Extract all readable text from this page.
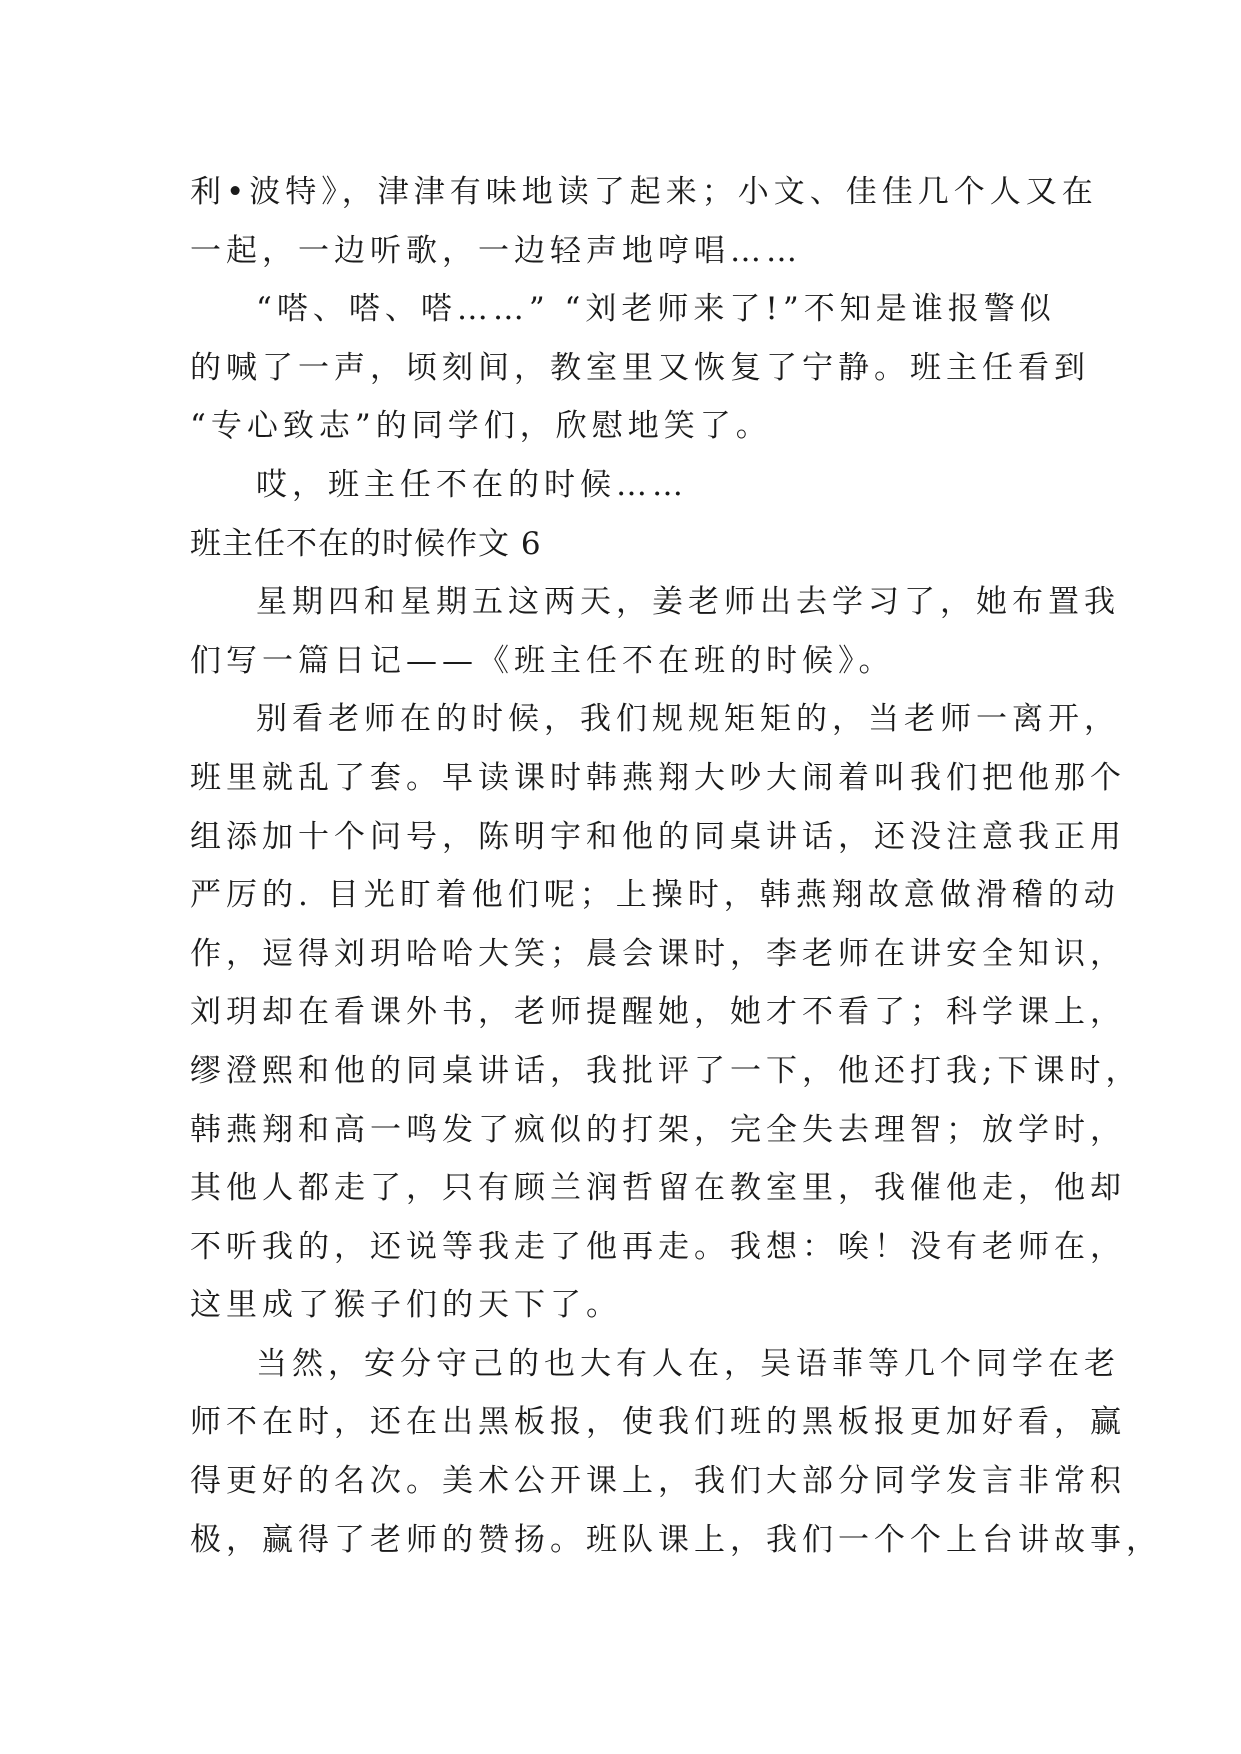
利•波特》，津津有味地读了起来；小文、佳佳几个人又在
一起，一边听歌，一边轻声地哼唱……
“嗒、嗒、嗒……” “刘老师来了!”不知是谁报警似
的喊了一声，顷刻间，教室里又恢复了宁静。班主任看到
“专心致志”的同学们，欣慰地笑了。
哎，班主任不在的时候……
班主任不在的时候作文 6
星期四和星期五这两天，姜老师出去学习了，她布置我
们写一篇日记——《班主任不在班的时候》。
别看老师在的时候，我们规规矩矩的，当老师一离开，
班里就乱了套。早读课时韩燕翔大吵大闹着叫我们把他那个
组添加十个问号，陈明宇和他的同桌讲话，还没注意我正用
严厉的. 目光盯着他们呢；上操时，韩燕翔故意做滑稽的动
作，逗得刘玥哈哈大笑；晨会课时，李老师在讲安全知识，
刘玥却在看课外书，老师提醒她，她才不看了；科学课上，
缪澄熙和他的同桌讲话，我批评了一下，他还打我;下课时，
韩燕翔和高一鸣发了疯似的打架，完全失去理智；放学时，
其他人都走了，只有顾兰润哲留在教室里，我催他走，他却
不听我的，还说等我走了他再走。我想：唉！没有老师在，
这里成了猴子们的天下了。
当然，安分守己的也大有人在，吴语菲等几个同学在老
师不在时，还在出黑板报，使我们班的黑板报更加好看，赢
得更好的名次。美术公开课上，我们大部分同学发言非常积
极，赢得了老师的赞扬。班队课上，我们一个个上台讲故事，
